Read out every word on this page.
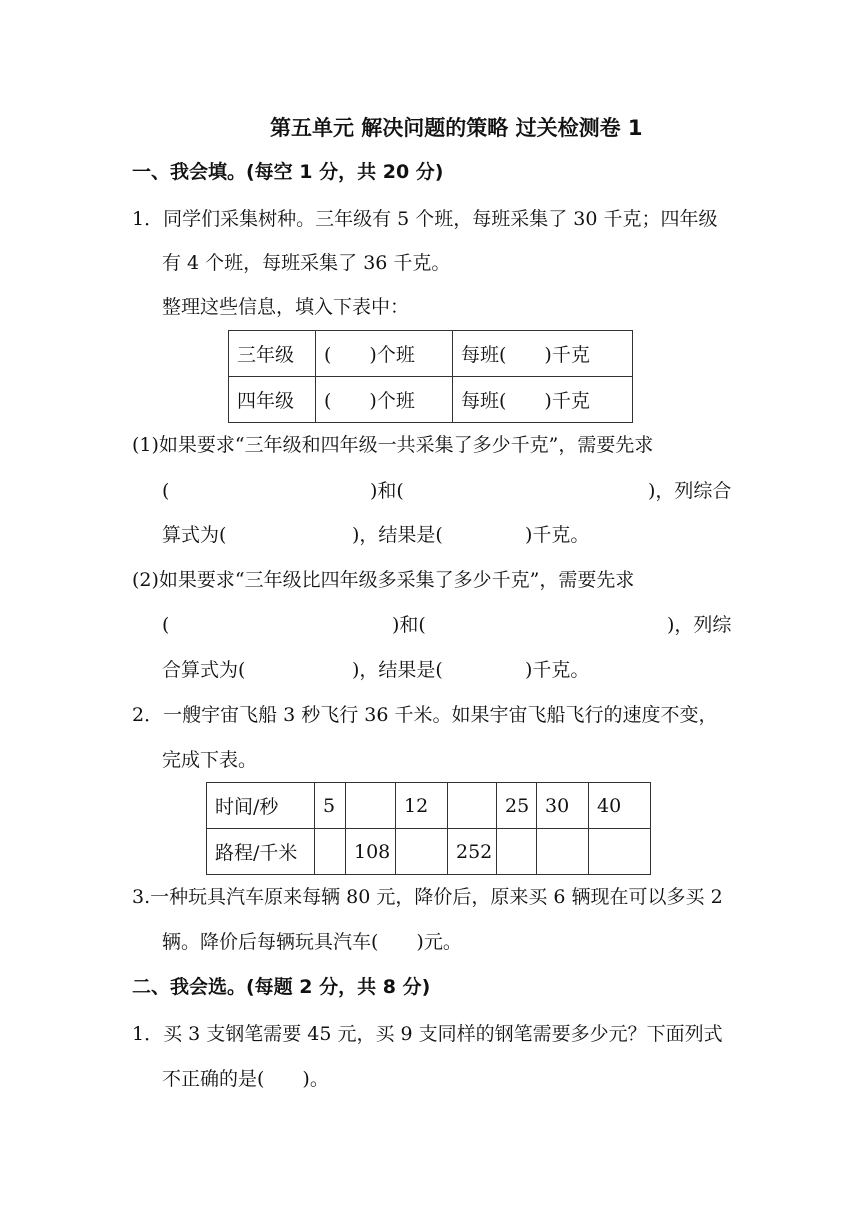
第五单元 解决问题的策略 过关检测卷 1
一、我会填。(每空 1 分，共 20 分)
1．同学们采集树种。三年级有 5 个班，每班采集了 30 千克；四年级
有 4 个班，每班采集了 36 千克。
整理这些信息，填入下表中：
三年级	(　　)个班	每班(　　)千克
四年级	(　　)个班	每班(　　)千克
(1)如果要求“三年级和四年级一共采集了多少千克”，需要先求
(	)和(	)，列综合
算式为(	)，结果是(	)千克。
(2)如果要求“三年级比四年级多采集了多少千克”，需要先求
(	)和(	)，列综
合算式为(	)，结果是(	)千克。
2．一艘宇宙飞船 3 秒飞行 36 千米。如果宇宙飞船飞行的速度不变，
完成下表。
时间/秒	5		12		25	30	40
路程/千米		108		252			
3.一种玩具汽车原来每辆 80 元，降价后，原来买 6 辆现在可以多买 2
辆。降价后每辆玩具汽车(　　)元。
二、我会选。(每题 2 分，共 8 分)
1．买 3 支钢笔需要 45 元，买 9 支同样的钢笔需要多少元？下面列式
不正确的是(　　)。
